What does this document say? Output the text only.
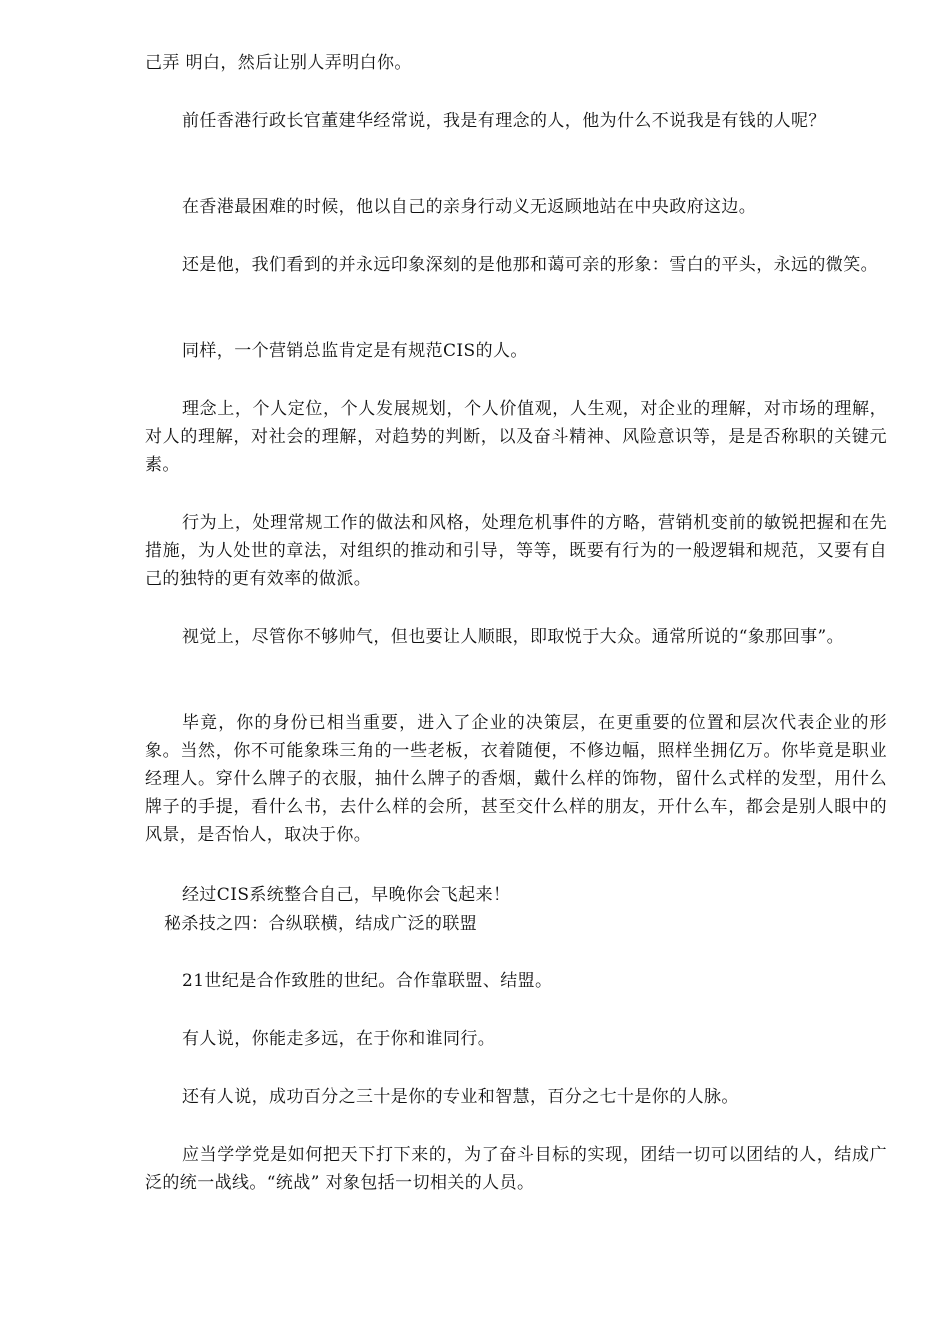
己弄 明白，然后让别人弄明白你。

前任香港行政长官董建华经常说，我是有理念的人，他为什么不说我是有钱的人呢？

在香港最困难的时候，他以自己的亲身行动义无返顾地站在中央政府这边。

还是他，我们看到的并永远印象深刻的是他那和蔼可亲的形象：雪白的平头，永远的微笑。

同样，一个营销总监肯定是有规范CIS的人。

理念上，个人定位，个人发展规划，个人价值观，人生观，对企业的理解，对市场的理解，对人的理解，对社会的理解，对趋势的判断，以及奋斗精神、风险意识等，是是否称职的关键元素。

行为上，处理常规工作的做法和风格，处理危机事件的方略，营销机变前的敏锐把握和在先措施，为人处世的章法，对组织的推动和引导，等等，既要有行为的一般逻辑和规范，又要有自己的独特的更有效率的做派。

视觉上，尽管你不够帅气，但也要让人顺眼，即取悦于大众。通常所说的“象那回事”。

毕竟，你的身份已相当重要，进入了企业的决策层，在更重要的位置和层次代表企业的形象。当然，你不可能象珠三角的一些老板，衣着随便，不修边幅，照样坐拥亿万。你毕竟是职业经理人。穿什么牌子的衣服，抽什么牌子的香烟，戴什么样的饰物，留什么式样的发型，用什么牌子的手提，看什么书，去什么样的会所，甚至交什么样的朋友，开什么车，都会是别人眼中的风景，是否怡人，取决于你。

经过CIS系统整合自己，早晚你会飞起来！

秘杀技之四：合纵联横，结成广泛的联盟

21世纪是合作致胜的世纪。合作靠联盟、结盟。

有人说，你能走多远，在于你和谁同行。

还有人说，成功百分之三十是你的专业和智慧，百分之七十是你的人脉。

应当学学党是如何把天下打下来的，为了奋斗目标的实现，团结一切可以团结的人，结成广泛的统一战线。“统战” 对象包括一切相关的人员。
